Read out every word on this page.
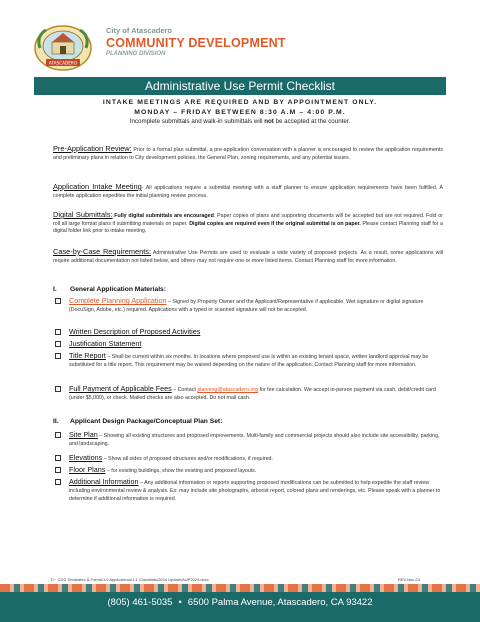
ATASCADERO
City of Atascadero
COMMUNITY DEVELOPMENT
PLANNING DIVISION
Administrative Use Permit Checklist
INTAKE MEETINGS ARE REQUIRED AND BY APPOINTMENT ONLY.
MONDAY – FRIDAY BETWEEN 8:30 A.M – 4:00 P.M.
Incomplete submittals and walk-in submittals will not be accepted at the counter.
Pre-Application Review: Prior to a formal plan submittal, a pre-application conversation with a planner is encouraged to review the application requirements and preliminary plans in relation to City development policies, the General Plan, zoning requirements, and any potential issues.
Application Intake Meeting- All applications require a submittal meeting with a staff planner to ensure application requirements have been fulfilled. A complete application expedites the initial planning review process.
Digital Submittals: Fully digital submittals are encouraged. Paper copies of plans and supporting documents will be accepted but are not required. Fold or roll all large format plans if submitting materials on paper. Digital copies are required even if the original submittal is on paper. Please contact Planning staff for a digital folder link prior to intake meeting.
Case-by-Case Requirements: Administrative Use Permits are used to evaluate a wide variety of proposed projects. As a result, some applications will require additional documentation not listed below, and others may not require one or more listed items. Contact Planning staff for more information.
I. General Application Materials:
Complete Planning Application – Signed by Property Owner and the Applicant/Representative if applicable. Wet signature or digital signature (DocuSign, Adobe, etc.) required. Applications with a typed or scanned signature will not be accepted.
Written Description of Proposed Activities
Justification Statement
Title Report – Shall be current within six months. In locations where proposed use is within an existing tenant space, written landlord approval may be substituted for a title report. This requirement may be waived depending on the nature of the application. Contact Planning staff for more information.
Full Payment of Applicable Fees – Contact planning@atascadero.org for fee calculation. We accept in-person payment via cash, debit/credit card (under $5,000), or check. Mailed checks are also accepted. Do not mail cash.
II. Applicant Design Package/Conceptual Plan Set:
Site Plan – Showing all existing structures and proposed improvements. Multi-family and commercial projects should also include site accessibility, parking, and landscaping.
Elevations – Show all sides of proposed structures and/or modifications, if required.
Floor Plans – for existing buildings, show the existing and proposed layouts.
Additional Information – Any additional information or reports supporting proposed modifications can be submitted to help expedite the staff review including environmental review & analysis. Ex: may include site photographs, arborist report, colored plans and renderings, etc. Please speak with a planner to determine if additional information is required.
T:\~ CDD Templates & Forms\1.0 Applications\1.1 Checklists\2024 Update\AUP2024.docx	REV.Nov-24
(805) 461-5035 • 6500 Palma Avenue, Atascadero, CA 93422
